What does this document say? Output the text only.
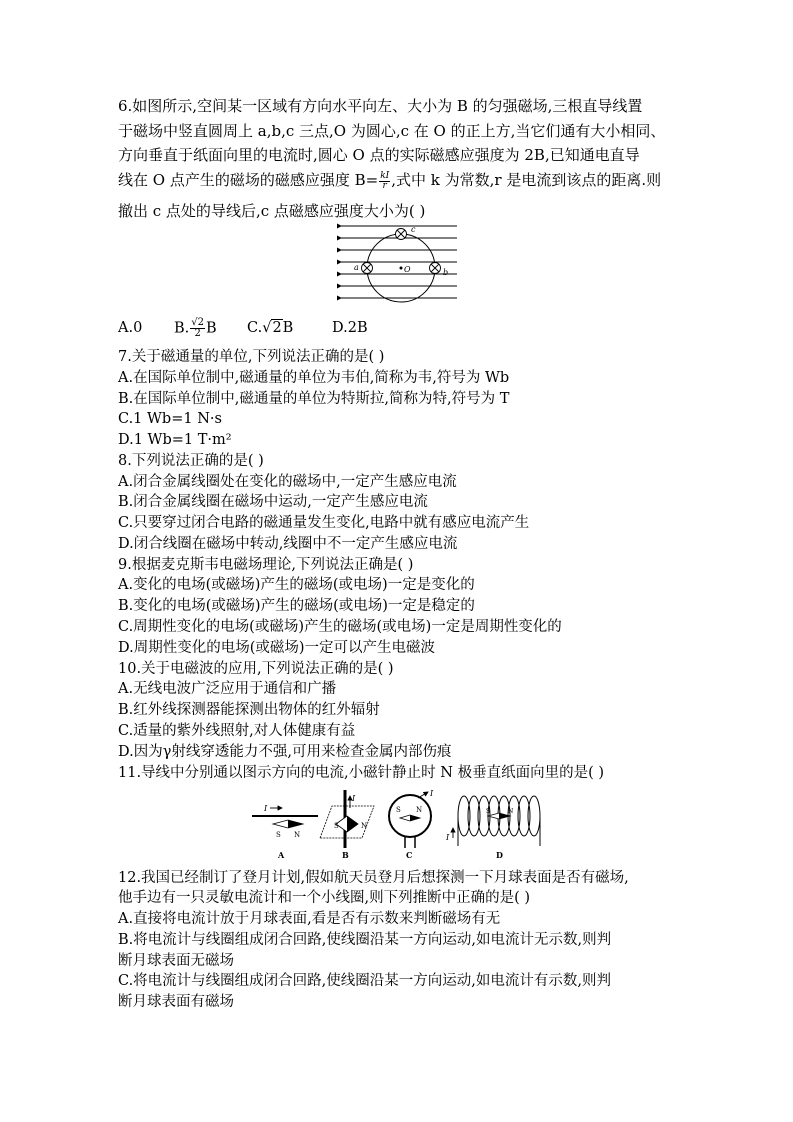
6.如图所示,空间某一区域有方向水平向左、大小为 B 的匀强磁场,三根直导线置
于磁场中竖直圆周上 a,b,c 三点,O 为圆心,c 在 O 的正上方,当它们通有大小相同、
方向垂直于纸面向里的电流时,圆心 O 点的实际磁感应强度为 2B,已知通电直导
线在 O 点产生的磁场的磁感应强度 $B= \frac{kI}{r}$ ,式中 k 为常数,r 是电流到该点的距离.则
撤出 c 点处的导线后,c 点磁感应强度大小为( )
c
a	O	b
A.0 B. $\frac{√2}{2}$ B C.√2B	D.2B
7.关于磁通量的单位,下列说法正确的是( )
A.在国际单位制中,磁通量的单位为韦伯,简称为韦,符号为 Wb
B.在国际单位制中,磁通量的单位为特斯拉,简称为特,符号为 T
C.1 Wb=1 N·s
D.1 Wb=1 T·m²
8.下列说法正确的是( )
A.闭合金属线圈处在变化的磁场中,一定产生感应电流
B.闭合金属线圈在磁场中运动,一定产生感应电流
C.只要穿过闭合电路的磁通量发生变化,电路中就有感应电流产生
D.闭合线圈在磁场中转动,线圈中不一定产生感应电流
9.根据麦克斯韦电磁场理论,下列说法正确是( )
A.变化的电场(或磁场)产生的磁场(或电场)一定是变化的
B.变化的电场(或磁场)产生的磁场(或电场)一定是稳定的
C.周期性变化的电场(或磁场)产生的磁场(或电场)一定是周期性变化的
D.周期性变化的电场(或磁场)一定可以产生电磁波
10.关于电磁波的应用,下列说法正确的是( )
A.无线电波广泛应用于通信和广播
B.红外线探测器能探测出物体的红外辐射
C.适量的紫外线照射,对人体健康有益
D.因为γ射线穿透能力不强,可用来检查金属内部伤痕
11.导线中分别通以图示方向的电流,小磁针静止时 N 极垂直纸面向里的是( )
I
S N
A
I
S	N
B
I
S N
C
I
S	N
D
12.我国已经制订了登月计划,假如航天员登月后想探测一下月球表面是否有磁场,
他手边有一只灵敏电流计和一个小线圈,则下列推断中正确的是( )
A.直接将电流计放于月球表面,看是否有示数来判断磁场有无
B.将电流计与线圈组成闭合回路,使线圈沿某一方向运动,如电流计无示数,则判
断月球表面无磁场
C.将电流计与线圈组成闭合回路,使线圈沿某一方向运动,如电流计有示数,则判
断月球表面有磁场
